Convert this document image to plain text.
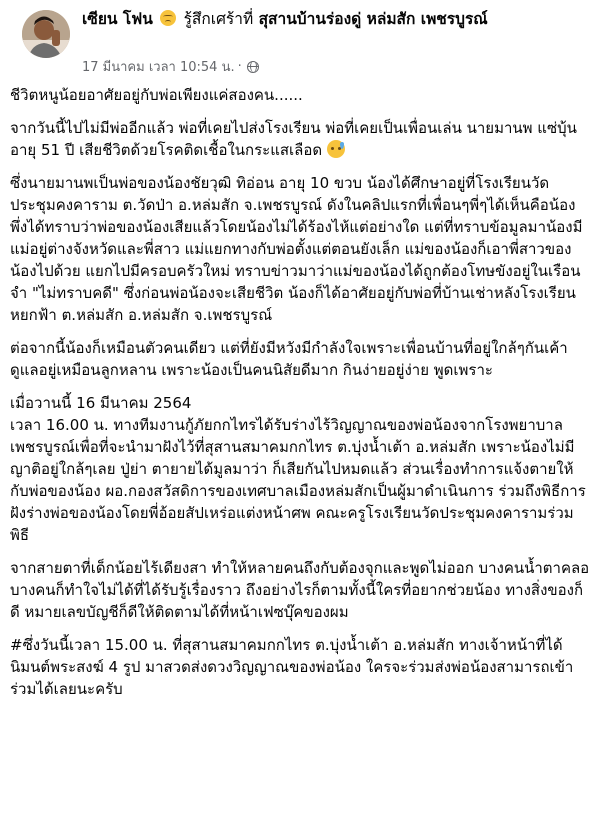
เซียน โฟน รู้สึกเศร้าที่ สุสานบ้านร่องดู่ หล่มสัก เพชรบูรณ์
17 มีนาคม เวลา 10:54 น. ·

ชีวิตหนูน้อยอาศัยอยู่กับพ่อเพียงแค่สองคน......

จากวันนี้ไปไม่มีพ่ออีกแล้ว พ่อที่เคยไปส่งโรงเรียน พ่อที่เคยเป็นเพื่อนเล่น นายมานพ แซ่บุ้น อายุ 51 ปี เสียชีวิตด้วยโรคติดเชื้อในกระแสเลือด

ซึ่งนายมานพเป็นพ่อของน้องชัยวุฒิ ทิอ่อน อายุ 10 ขวบ น้องได้ศึกษาอยู่ที่โรงเรียนวัดประชุมคงคาราม ต.วัดป่า อ.หล่มสัก จ.เพชรบูรณ์ ดังในคลิปแรกที่เพื่อนๆพี่ๆได้เห็นคือน้องพึ่งได้ทราบว่าพ่อของน้องเสียแล้วโดยน้องไม่ได้ร้องไห้แต่อย่างใด แต่ที่ทราบข้อมูลมาน้องมีแม่อยู่ต่างจังหวัดและพี่สาว แม่แยกทางกับพ่อตั้งแต่ตอนยังเล็ก แม่ของน้องก็เอาพี่สาวของน้องไปด้วย แยกไปมีครอบครัวใหม่ ทราบข่าวมาว่าแม่ของน้องได้ถูกต้องโทษขังอยู่ในเรือนจำ "ไม่ทราบคดี" ซึ่งก่อนพ่อน้องจะเสียชีวิต น้องก็ได้อาศัยอยู่กับพ่อที่บ้านเช่าหลังโรงเรียนหยกฟ้า ต.หล่มสัก อ.หล่มสัก จ.เพชรบูรณ์

ต่อจากนี้น้องก็เหมือนตัวคนเดียว แต่ที่ยังมีหวังมีกำลังใจเพราะเพื่อนบ้านที่อยู่ใกล้ๆกันเค้าดูแลอยู่เหมือนลูกหลาน เพราะน้องเป็นคนนิสัยดีมาก กินง่ายอยู่ง่าย พูดเพราะ

เมื่อวานนี้ 16 มีนาคม 2564

เวลา 16.00 น. ทางทีมงานกู้ภัยกกไทรได้รับร่างไร้วิญญาณของพ่อน้องจากโรงพยาบาลเพชรบูรณ์เพื่อที่จะนำมาฝังไว้ที่สุสานสมาคมกกไทร ต.บุ่งน้ำเต้า อ.หล่มสัก เพราะน้องไม่มีญาติอยู่ใกล้ๆเลย ปู่ย่า ตายายได้มูลมาว่า ก็เสียกันไปหมดแล้ว ส่วนเรื่องทำการแจ้งตายให้กับพ่อของน้อง ผอ.กองสวัสดิการของเทศบาลเมืองหล่มสักเป็นผู้มาดำเนินการ ร่วมถึงพิธีการฝังร่างพ่อของน้องโดยพี่อ้อยสัปเหร่อแต่งหน้าศพ คณะครูโรงเรียนวัดประชุมคงคารามร่วมพิธี

จากสายตาที่เด็กน้อยไร้เดียงสา ทำให้หลายคนถึงกับต้องจุกและพูดไม่ออก บางคนน้ำตาคลอ บางคนก็ทำใจไม่ได้ที่ได้รับรู้เรื่องราว ถึงอย่างไรก็ตามทั้งนี้ใครที่อยากช่วยน้อง ทางสิ่งของก็ดี หมายเลขบัญชีก็ดีให้ติดตามได้ที่หน้าเฟซบุ๊คของผม

#ซึ่งวันนี้เวลา 15.00 น. ที่สุสานสมาคมกกไทร ต.บุ่งน้ำเต้า อ.หล่มสัก ทางเจ้าหน้าที่ได้นิมนต์พระสงฆ์ 4 รูป มาสวดส่งดวงวิญญาณของพ่อน้อง ใครจะร่วมส่งพ่อน้องสามารถเข้าร่วมได้เลยนะครับ
